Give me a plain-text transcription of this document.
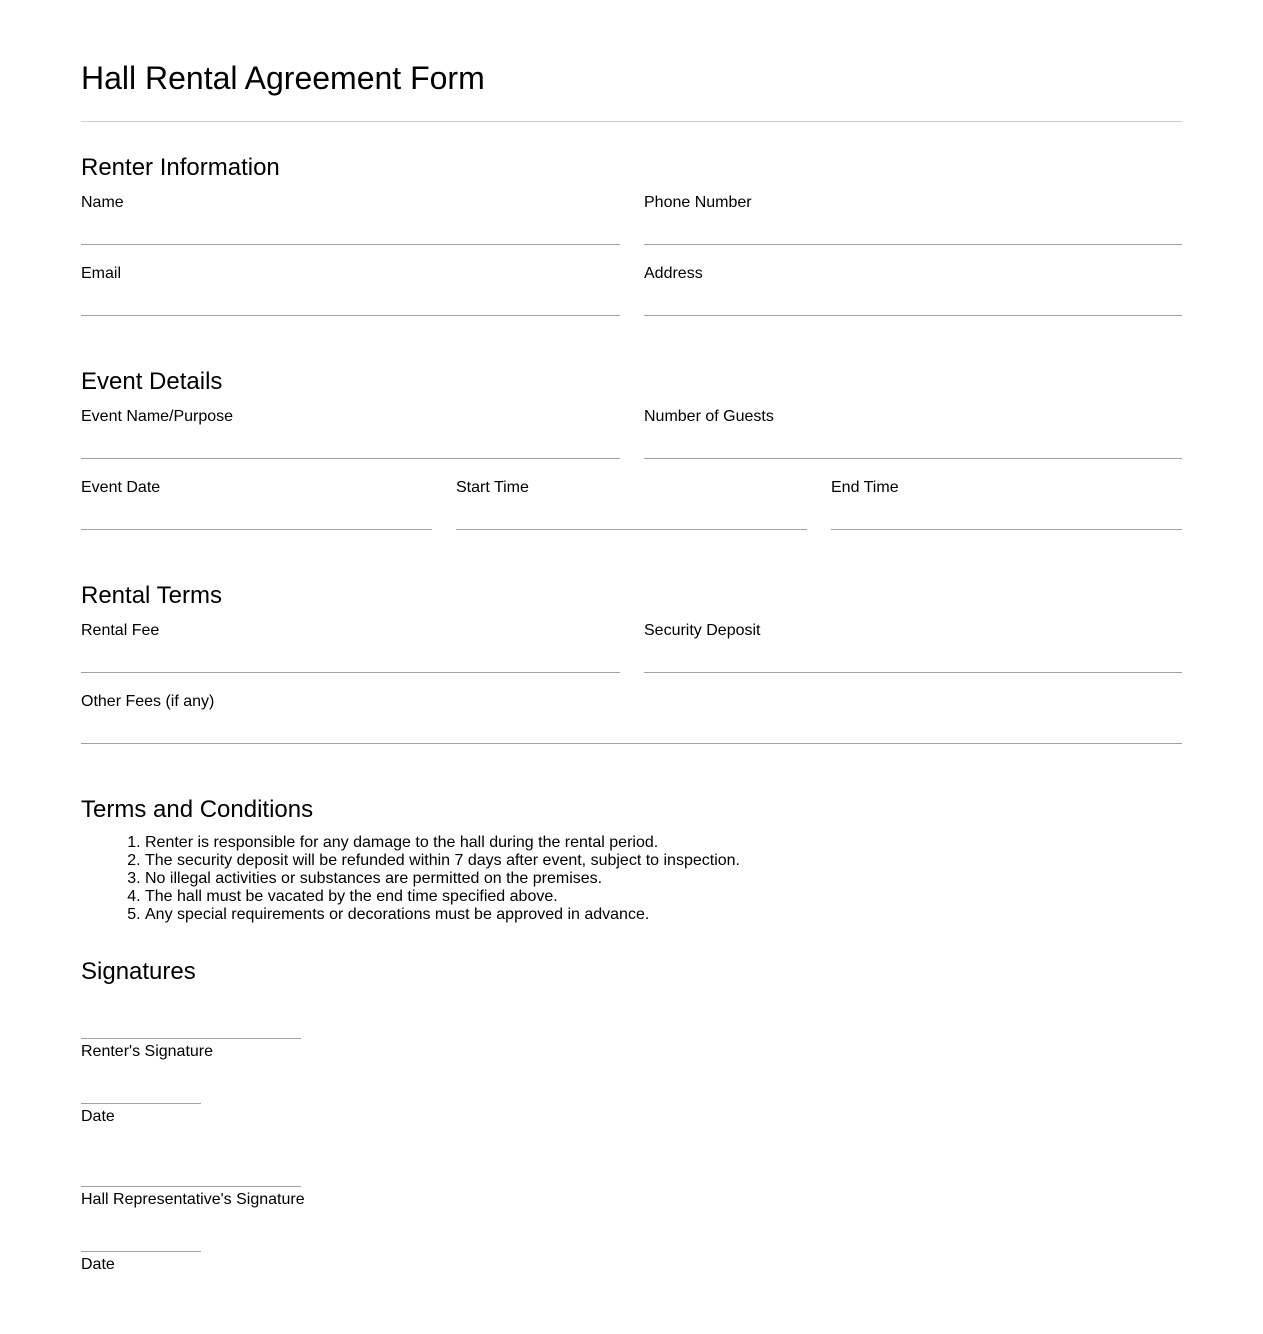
Hall Rental Agreement Form
Renter Information
Name	Phone Number
Email	Address
Event Details
Event Name/Purpose	Number of Guests
Event Date	Start Time	End Time
Rental Terms
Rental Fee	Security Deposit
Other Fees (if any)
Terms and Conditions
1. Renter is responsible for any damage to the hall during the rental period.
2. The security deposit will be refunded within 7 days after event, subject to inspection.
3. No illegal activities or substances are permitted on the premises.
4. The hall must be vacated by the end time specified above.
5. Any special requirements or decorations must be approved in advance.
Signatures
Renter's Signature
Date
Hall Representative's Signature
Date
